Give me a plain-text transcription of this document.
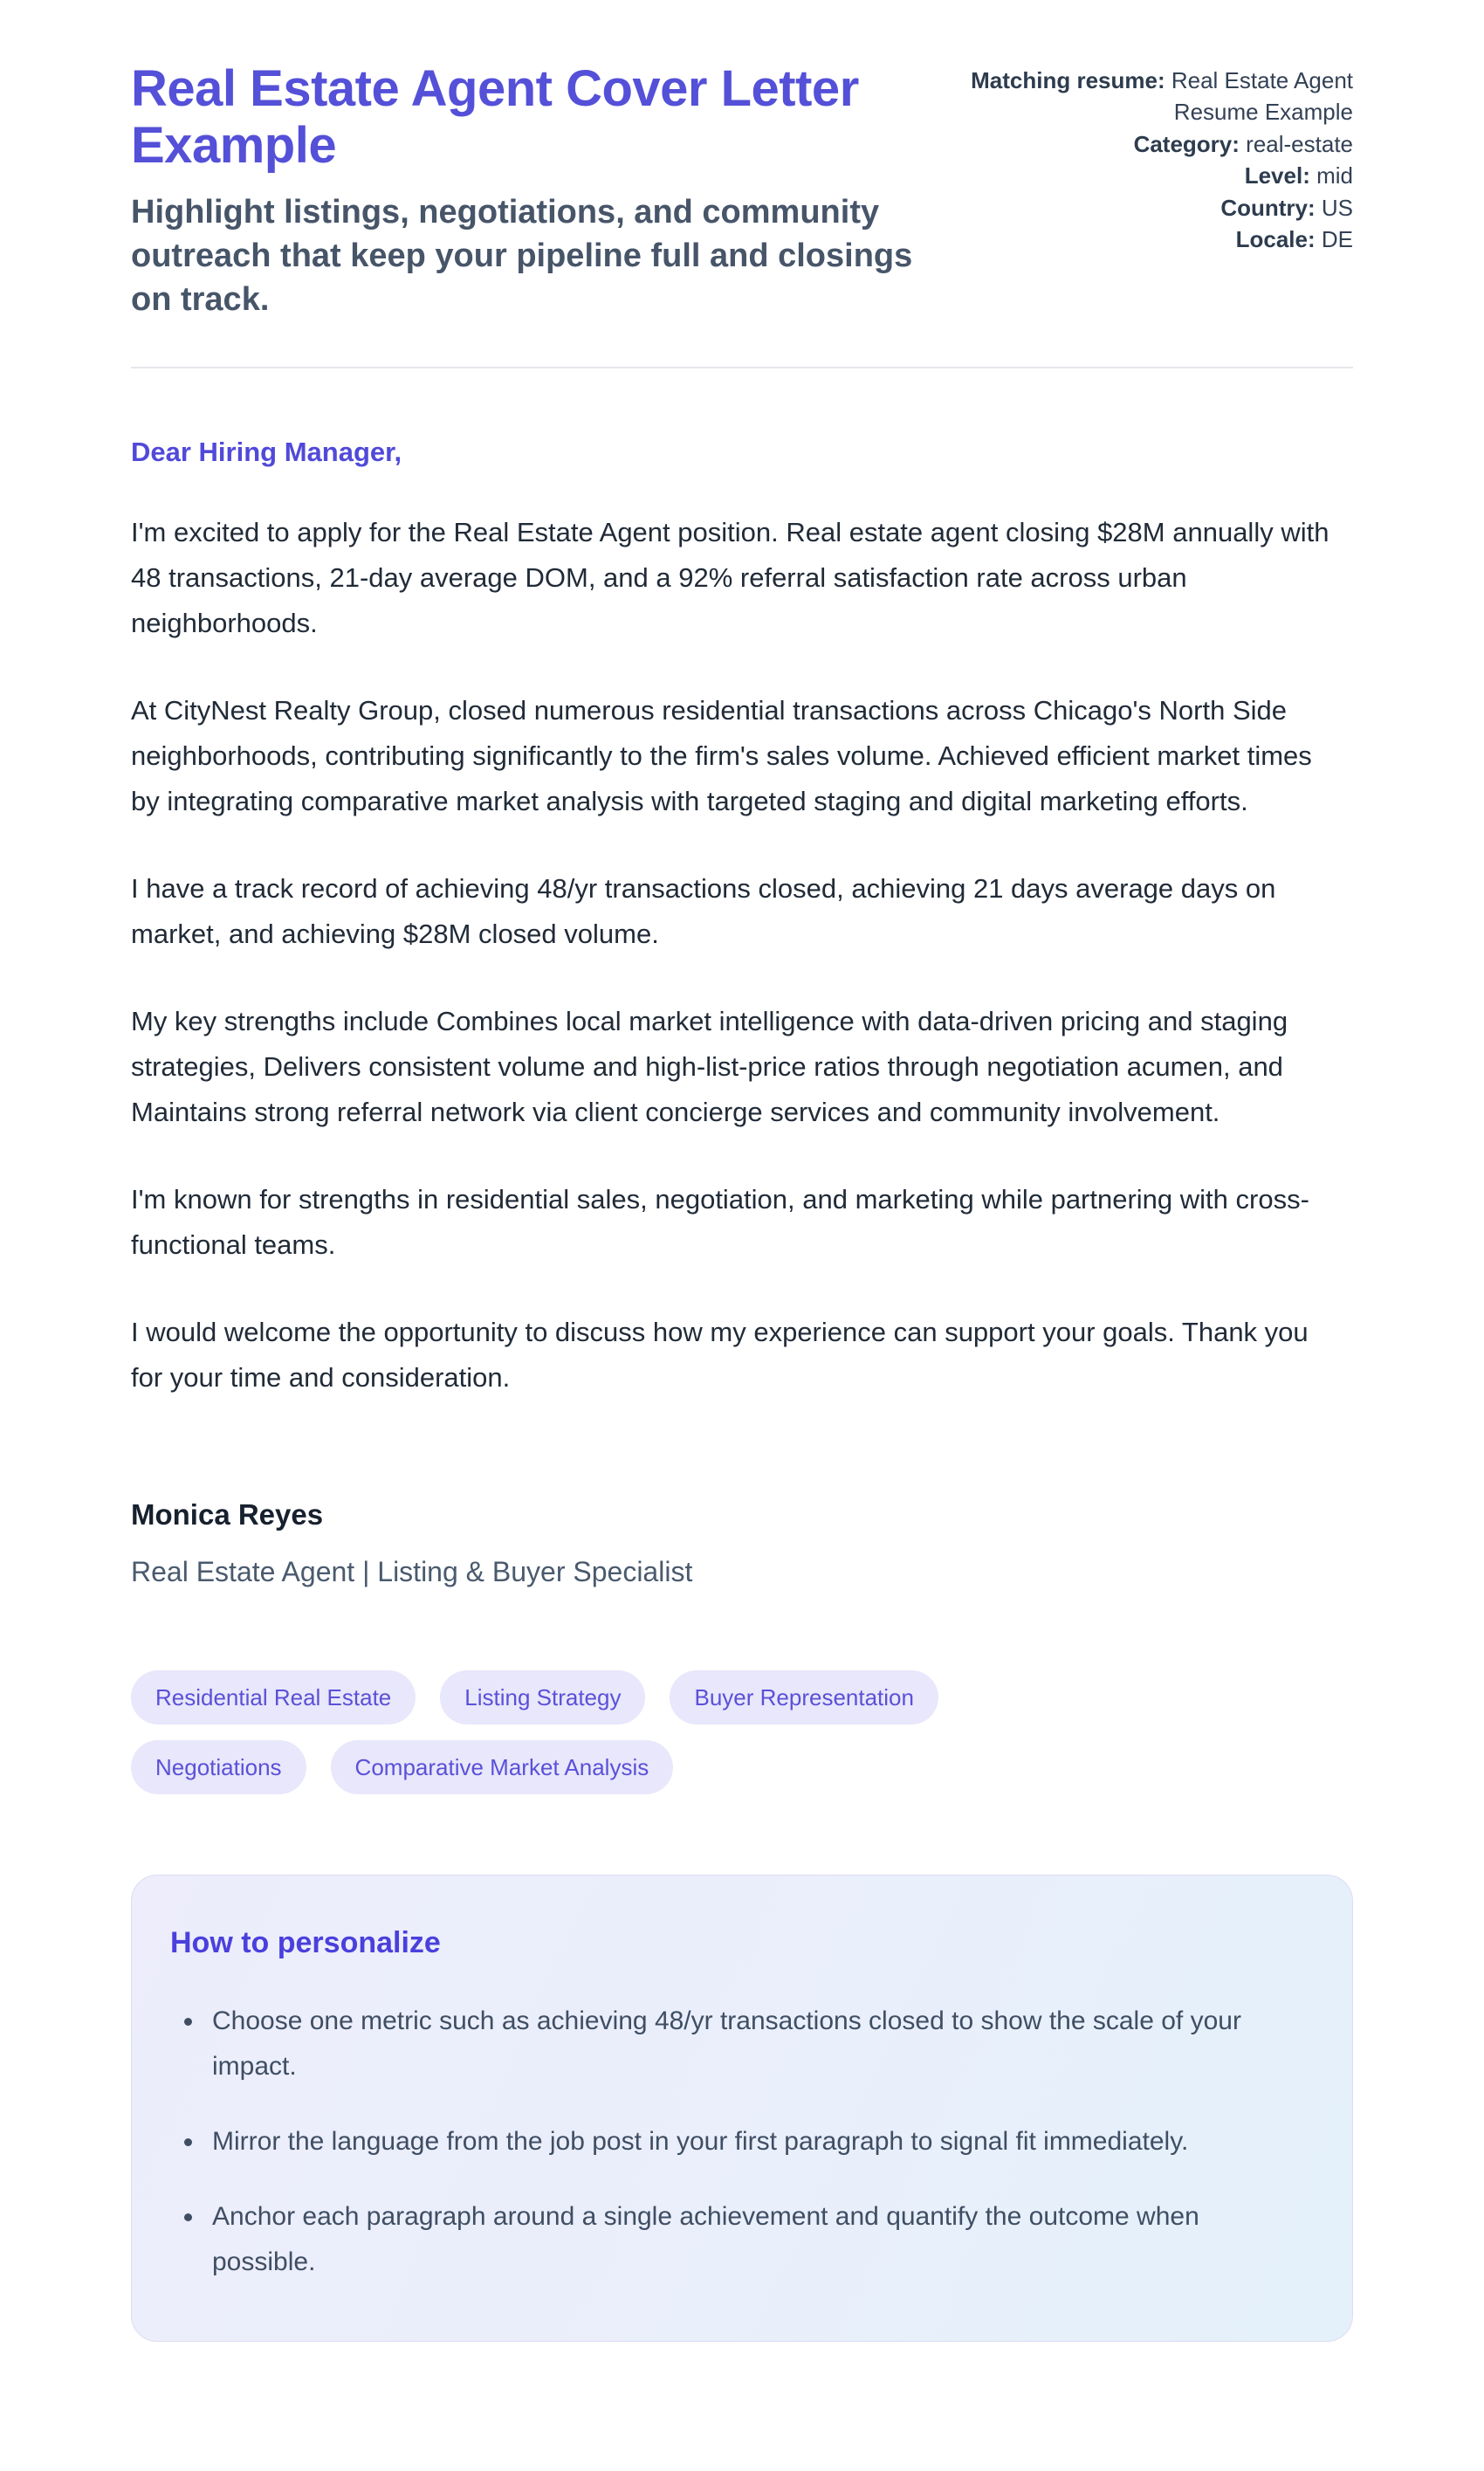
Real Estate Agent Cover Letter Example

Highlight listings, negotiations, and community outreach that keep your pipeline full and closings on track.

Matching resume: Real Estate Agent Resume Example
Category: real-estate
Level: mid
Country: US
Locale: DE

Dear Hiring Manager,

I'm excited to apply for the Real Estate Agent position. Real estate agent closing $28M annually with 48 transactions, 21-day average DOM, and a 92% referral satisfaction rate across urban neighborhoods.

At CityNest Realty Group, closed numerous residential transactions across Chicago's North Side neighborhoods, contributing significantly to the firm's sales volume. Achieved efficient market times by integrating comparative market analysis with targeted staging and digital marketing efforts.

I have a track record of achieving 48/yr transactions closed, achieving 21 days average days on market, and achieving $28M closed volume.

My key strengths include Combines local market intelligence with data-driven pricing and staging strategies, Delivers consistent volume and high-list-price ratios through negotiation acumen, and Maintains strong referral network via client concierge services and community involvement.

I'm known for strengths in residential sales, negotiation, and marketing while partnering with cross-functional teams.

I would welcome the opportunity to discuss how my experience can support your goals. Thank you for your time and consideration.

Monica Reyes

Real Estate Agent | Listing & Buyer Specialist

Residential Real Estate	Listing Strategy	Buyer Representation
Negotiations	Comparative Market Analysis
How to personalize
• Choose one metric such as achieving 48/yr transactions closed to show the scale of your impact.
• Mirror the language from the job post in your first paragraph to signal fit immediately.
• Anchor each paragraph around a single achievement and quantify the outcome when possible.
